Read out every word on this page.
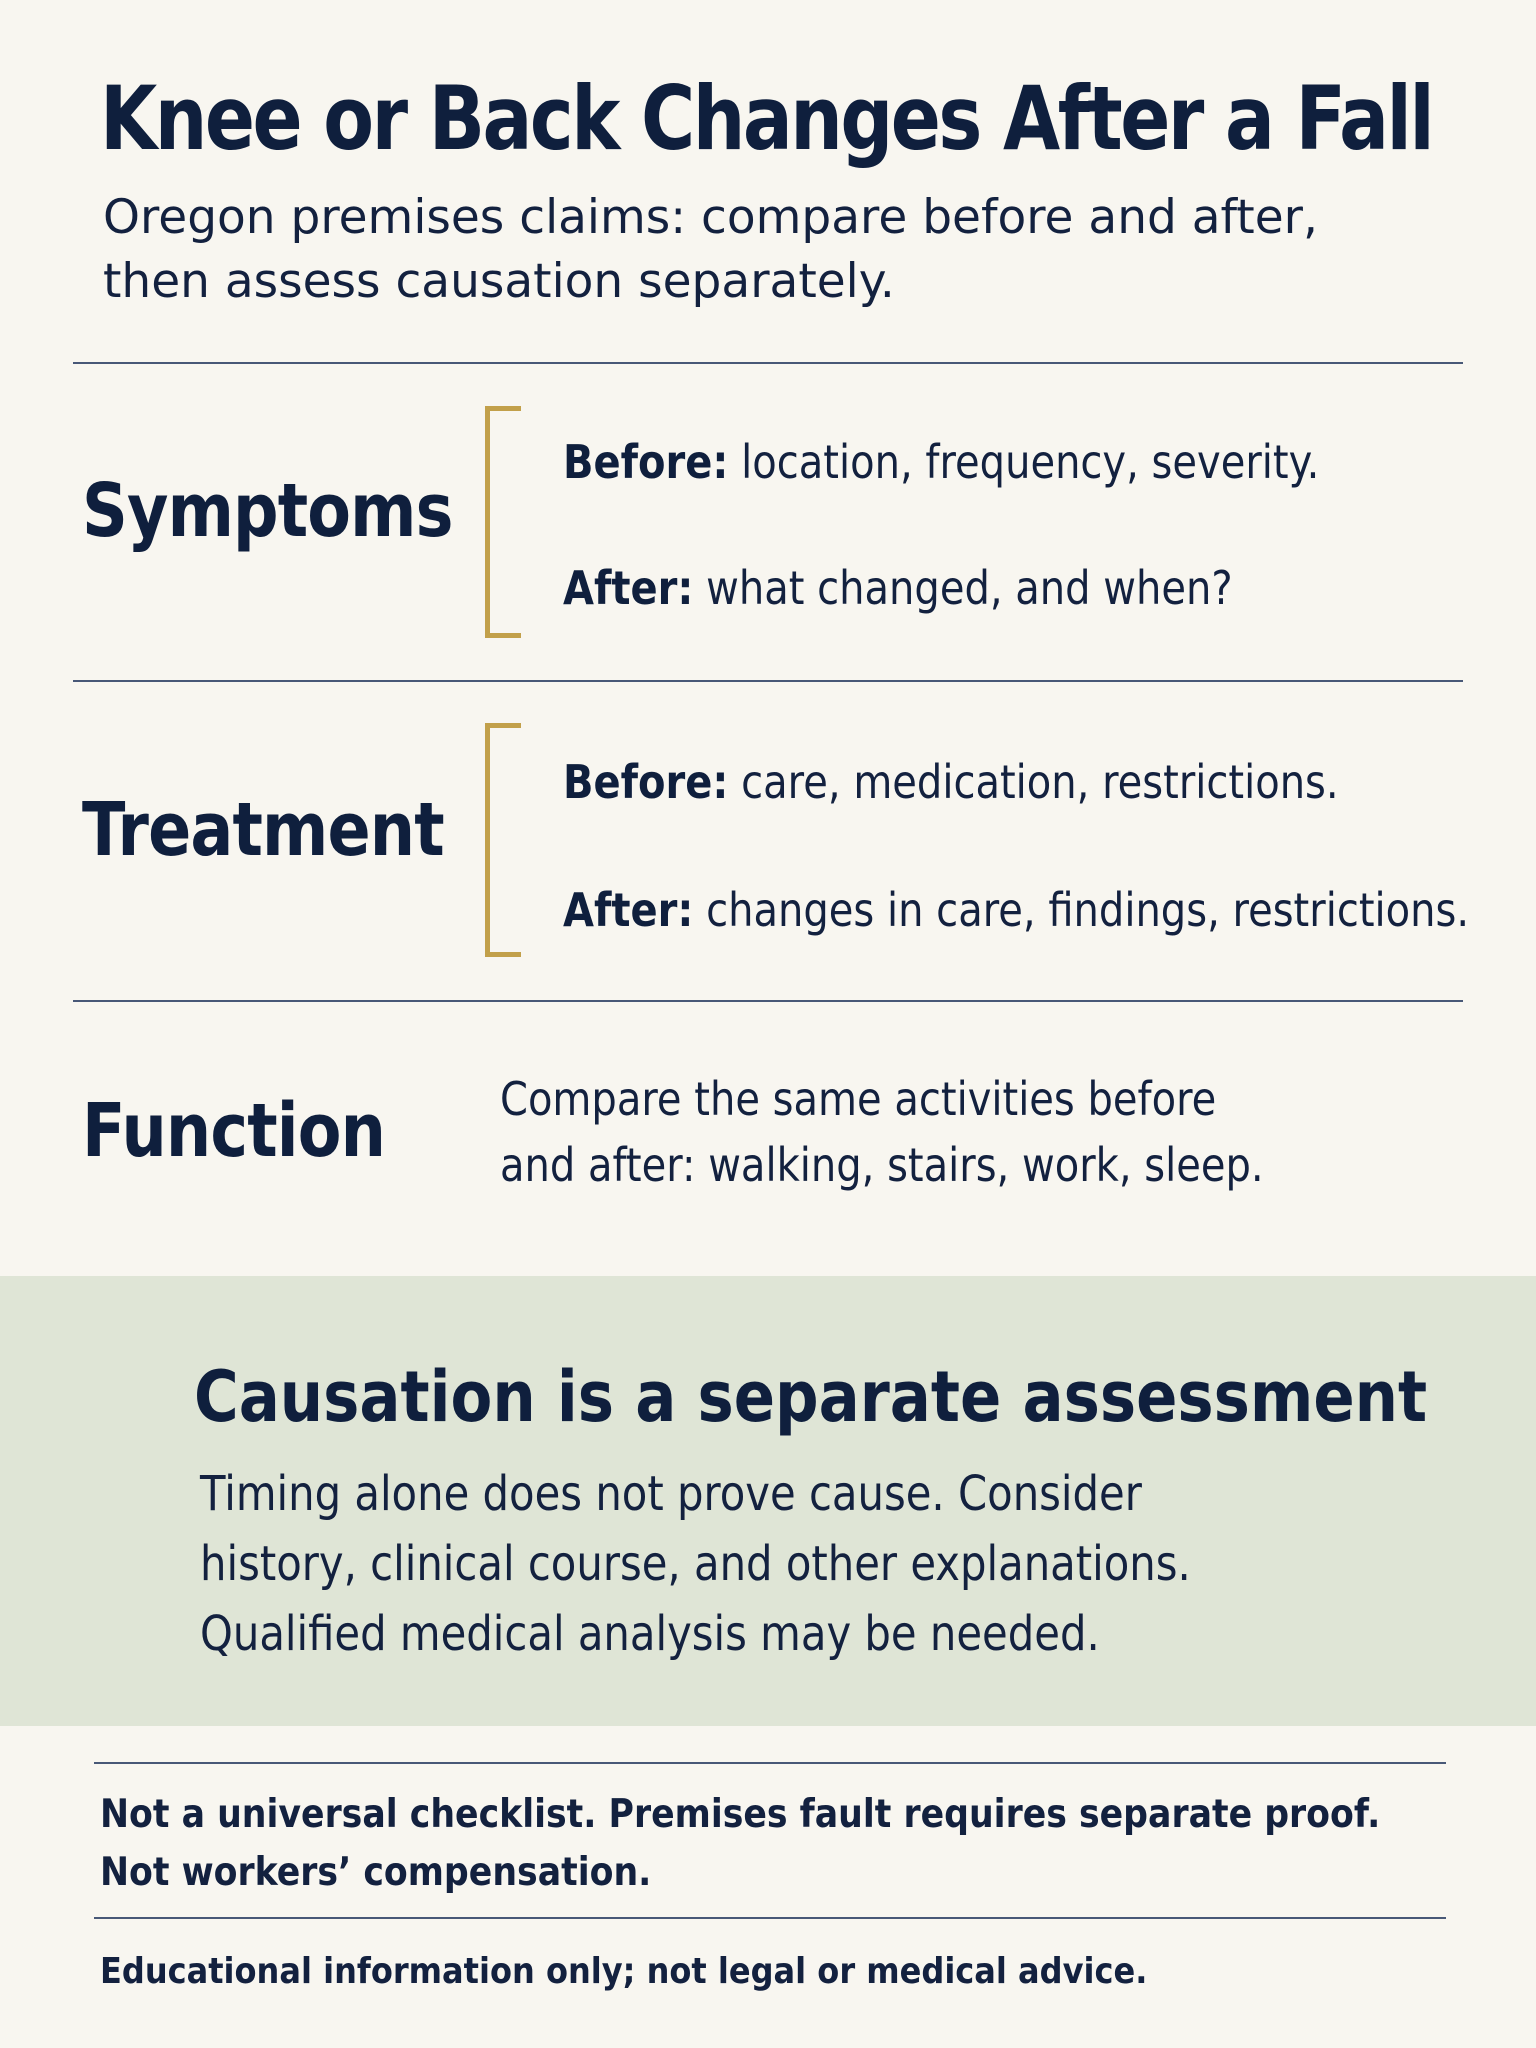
Knee or Back Changes After a Fall

Oregon premises claims: compare before and after, then assess causation separately.

Symptoms
Before: location, frequency, severity.
After: what changed, and when?
Treatment
Before: care, medication, restrictions.
After: changes in care, findings, restrictions.
Function Compare the same activities before and after: walking, stairs, work, sleep.

Causation is a separate assessment

Timing alone does not prove cause. Consider history, clinical course, and other explanations. Qualified medical analysis may be needed.

Not a universal checklist. Premises fault requires separate proof. Not workers’ compensation.

Educational information only; not legal or medical advice.
